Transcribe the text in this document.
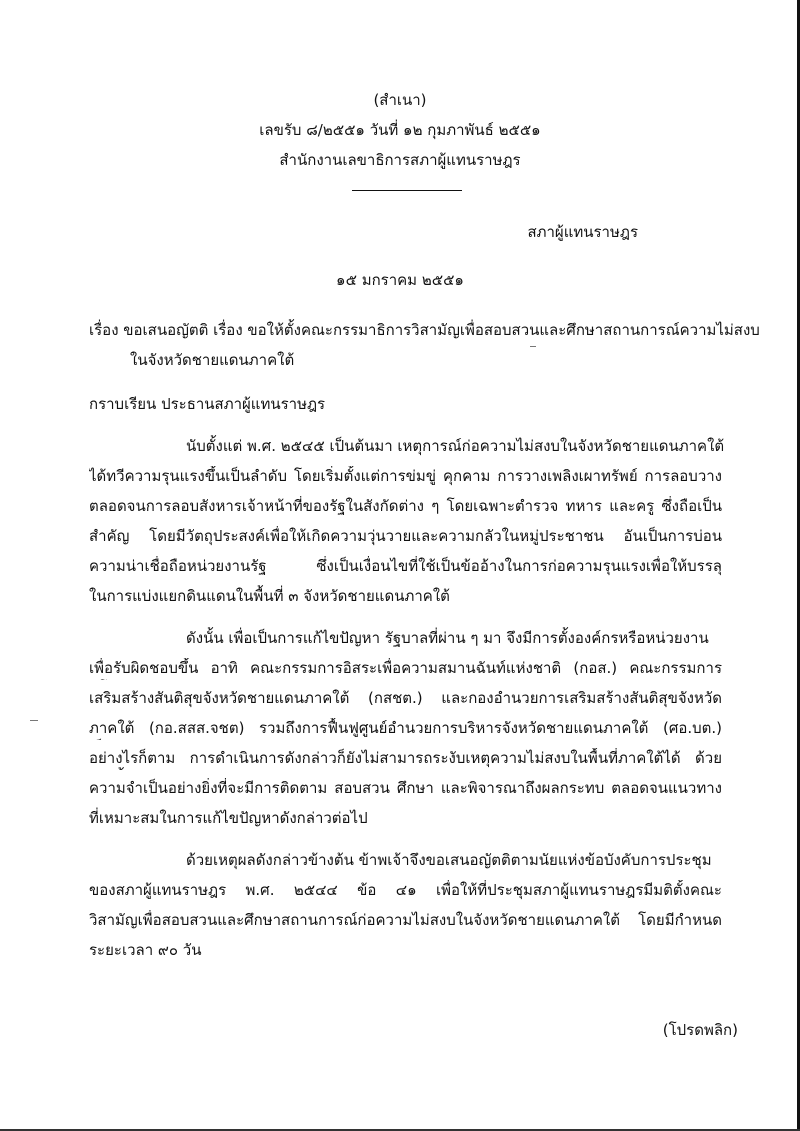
(สำเนา)
เลขรับ ๘/๒๕๕๑ วันที่ ๑๒ กุมภาพันธ์ ๒๕๕๑
สำนักงานเลขาธิการสภาผู้แทนราษฎร
สภาผู้แทนราษฎร
๑๕ มกราคม ๒๕๕๑
เรื่อง ขอเสนอญัตติ เรื่อง ขอให้ตั้งคณะกรรมาธิการวิสามัญเพื่อสอบสวนและศึกษาสถานการณ์ความไม่สงบ
ในจังหวัดชายแดนภาคใต้
กราบเรียน ประธานสภาผู้แทนราษฎร
นับตั้งแต่ พ.ศ. ๒๕๔๕ เป็นต้นมา เหตุการณ์ก่อความไม่สงบในจังหวัดชายแดนภาคใต้
ได้ทวีความรุนแรงขึ้นเป็นลำดับ โดยเริ่มตั้งแต่การข่มขู่ คุกคาม การวางเพลิงเผาทรัพย์ การลอบวาง
ตลอดจนการลอบสังหารเจ้าหน้าที่ของรัฐในสังกัดต่าง ๆ โดยเฉพาะตำรวจ ทหาร และครู ซึ่งถือเป็น
สำคัญ โดยมีวัตถุประสงค์เพื่อให้เกิดความวุ่นวายและความกลัวในหมู่ประชาชน อันเป็นการบ่อน
ความน่าเชื่อถือหน่วยงานรัฐ ซึ่งเป็นเงื่อนไขที่ใช้เป็นข้ออ้างในการก่อความรุนแรงเพื่อให้บรรลุ
ในการแบ่งแยกดินแดนในพื้นที่ ๓ จังหวัดชายแดนภาคใต้
ดังนั้น เพื่อเป็นการแก้ไขปัญหา รัฐบาลที่ผ่าน ๆ มา จึงมีการตั้งองค์กรหรือหน่วยงาน
เพื่อรับผิดชอบขึ้น อาทิ คณะกรรมการอิสระเพื่อความสมานฉันท์แห่งชาติ (กอส.) คณะกรรมการ
เสริมสร้างสันติสุขจังหวัดชายแดนภาคใต้ (กสชต.) และกองอำนวยการเสริมสร้างสันติสุขจังหวัด
ภาคใต้ (กอ.สสส.จชต) รวมถึงการฟื้นฟูศูนย์อำนวยการบริหารจังหวัดชายแดนภาคใต้ (ศอ.บต.)
อย่างไรก็ตาม การดำเนินการดังกล่าวก็ยังไม่สามารถระงับเหตุความไม่สงบในพื้นที่ภาคใต้ได้ ด้วย
ความจำเป็นอย่างยิ่งที่จะมีการติดตาม สอบสวน ศึกษา และพิจารณาถึงผลกระทบ ตลอดจนแนวทาง
ที่เหมาะสมในการแก้ไขปัญหาดังกล่าวต่อไป
ด้วยเหตุผลดังกล่าวข้างต้น ข้าพเจ้าจึงขอเสนอญัตติตามนัยแห่งข้อบังคับการประชุม
ของสภาผู้แทนราษฎร พ.ศ. ๒๕๔๔ ข้อ ๔๑ เพื่อให้ที่ประชุมสภาผู้แทนราษฎรมีมติตั้งคณะ
วิสามัญเพื่อสอบสวนและศึกษาสถานการณ์ก่อความไม่สงบในจังหวัดชายแดนภาคใต้ โดยมีกำหนด
ระยะเวลา ๙๐ วัน
(โปรดพลิก)
